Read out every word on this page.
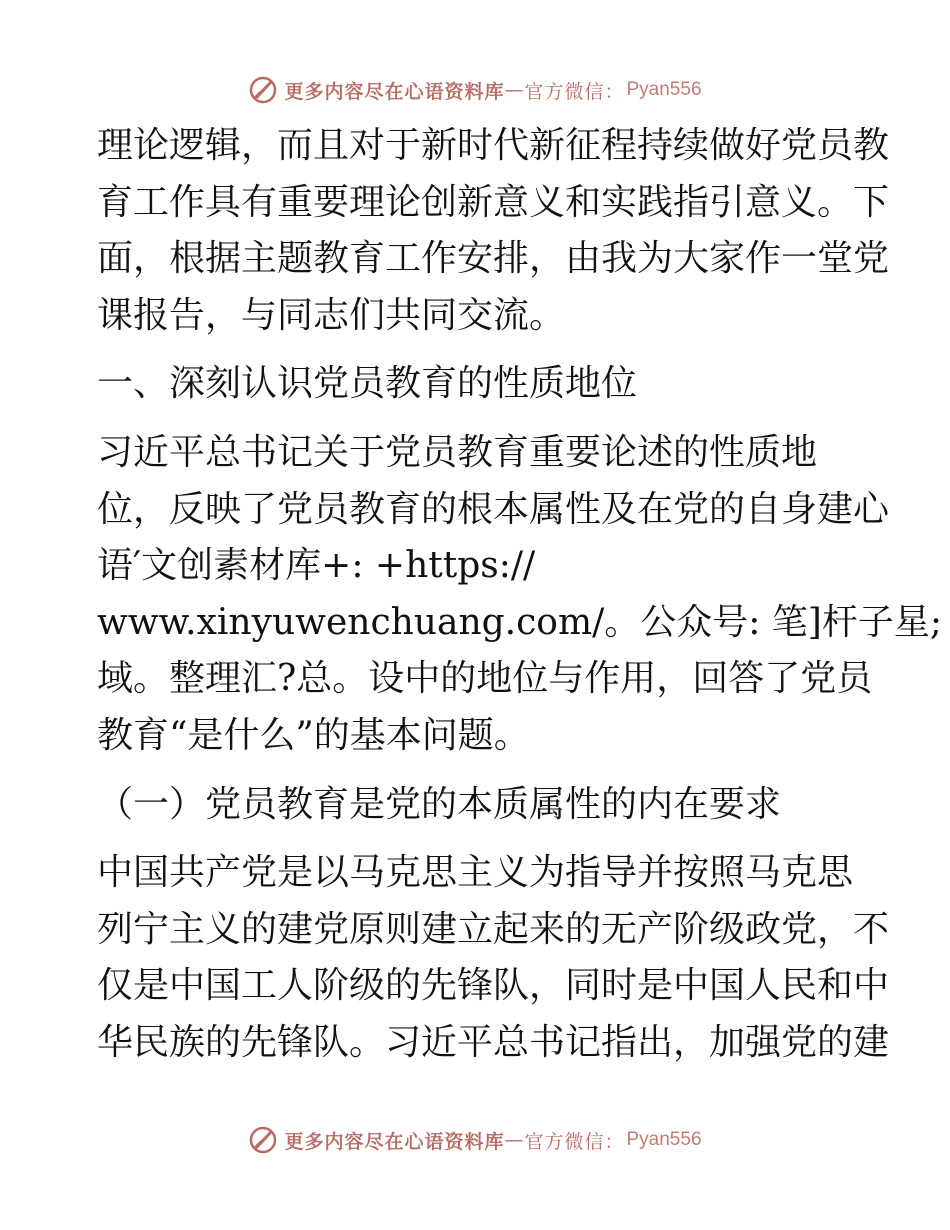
更多内容尽在心语资料库 — 官方微信： Pyan556
理论逻辑，而且对于新时代新征程持续做好党员教
育工作具有重要理论创新意义和实践指引意义。下
面，根据主题教育工作安排，由我为大家作一堂党
课报告，与同志们共同交流。
一、深刻认识党员教育的性质地位
习近平总书记关于党员教育重要论述的性质地
位，反映了党员教育的根本属性及在党的自身建心
语′文创素材库+: +https://
www.xinyuwenchuang.com/。公众号: 笔]杆子星;
域。整理汇?总。设中的地位与作用，回答了党员
教育“是什么”的基本问题。
（一）党员教育是党的本质属性的内在要求
中国共产党是以马克思主义为指导并按照马克思
列宁主义的建党原则建立起来的无产阶级政党，不
仅是中国工人阶级的先锋队，同时是中国人民和中
华民族的先锋队。习近平总书记指出，加强党的建
更多内容尽在心语资料库 — 官方微信： Pyan556
